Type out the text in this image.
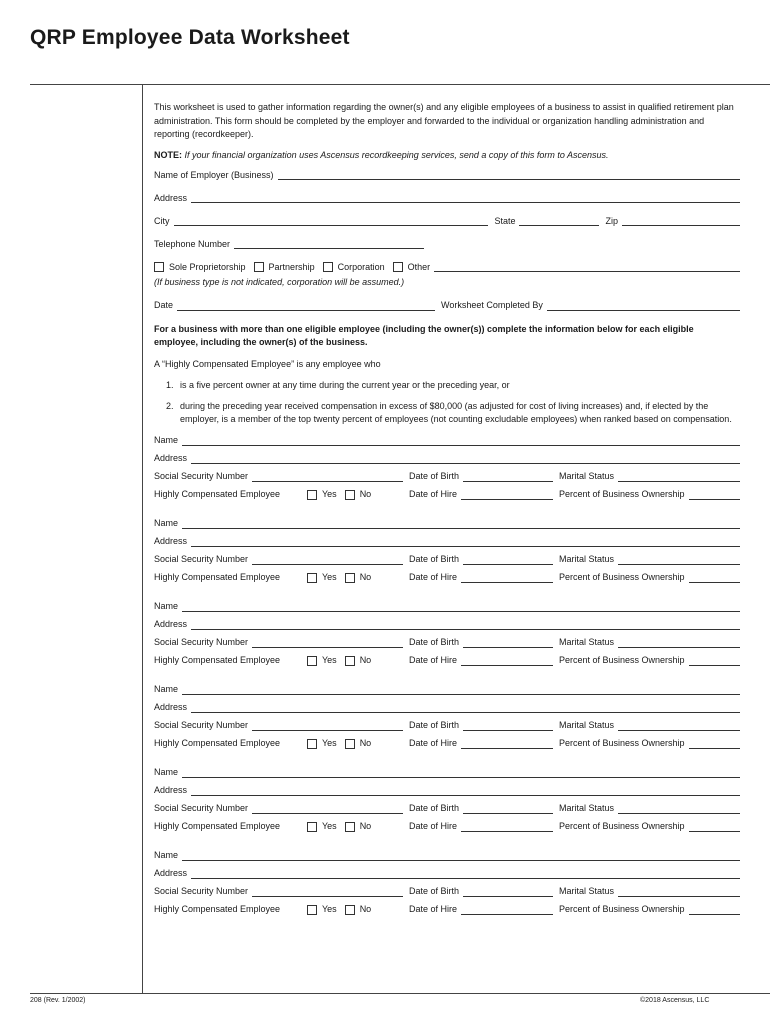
QRP Employee Data Worksheet

This worksheet is used to gather information regarding the owner(s) and any eligible employees of a business to assist in qualified retirement plan administration. This form should be completed by the employer and forwarded to the individual or organization handling administration and reporting (recordkeeper).

NOTE: If your financial organization uses Ascensus recordkeeping services, send a copy of this form to Ascensus.

Name of Employer (Business)
Address
City	State	Zip
Telephone Number
Sole Proprietorship	Partnership	Corporation	Other
(If business type is not indicated, corporation will be assumed.)
Date	Worksheet Completed By

For a business with more than one eligible employee (including the owner(s)) complete the information below for each eligible employee, including the owner(s) of the business.

A “Highly Compensated Employee” is any employee who

1. is a five percent owner at any time during the current year or the preceding year, or
2. during the preceding year received compensation in excess of $80,000 (as adjusted for cost of living increases) and, if elected by the employer, is a member of the top twenty percent of employees (not counting excludable employees) when ranked based on compensation.
Name
Address
Social Security Number	Date of Birth	Marital Status
Highly Compensated Employee	Yes	No	Date of Hire	Percent of Business Ownership
Name
Address
Social Security Number	Date of Birth	Marital Status
Highly Compensated Employee	Yes	No	Date of Hire	Percent of Business Ownership
Name
Address
Social Security Number	Date of Birth	Marital Status
Highly Compensated Employee	Yes	No	Date of Hire	Percent of Business Ownership
Name
Address
Social Security Number	Date of Birth	Marital Status
Highly Compensated Employee	Yes	No	Date of Hire	Percent of Business Ownership
Name
Address
Social Security Number	Date of Birth	Marital Status
Highly Compensated Employee	Yes	No	Date of Hire	Percent of Business Ownership
Name
Address
Social Security Number	Date of Birth	Marital Status
Highly Compensated Employee	Yes	No	Date of Hire	Percent of Business Ownership
208 (Rev. 1/2002)	©2018 Ascensus, LLC
